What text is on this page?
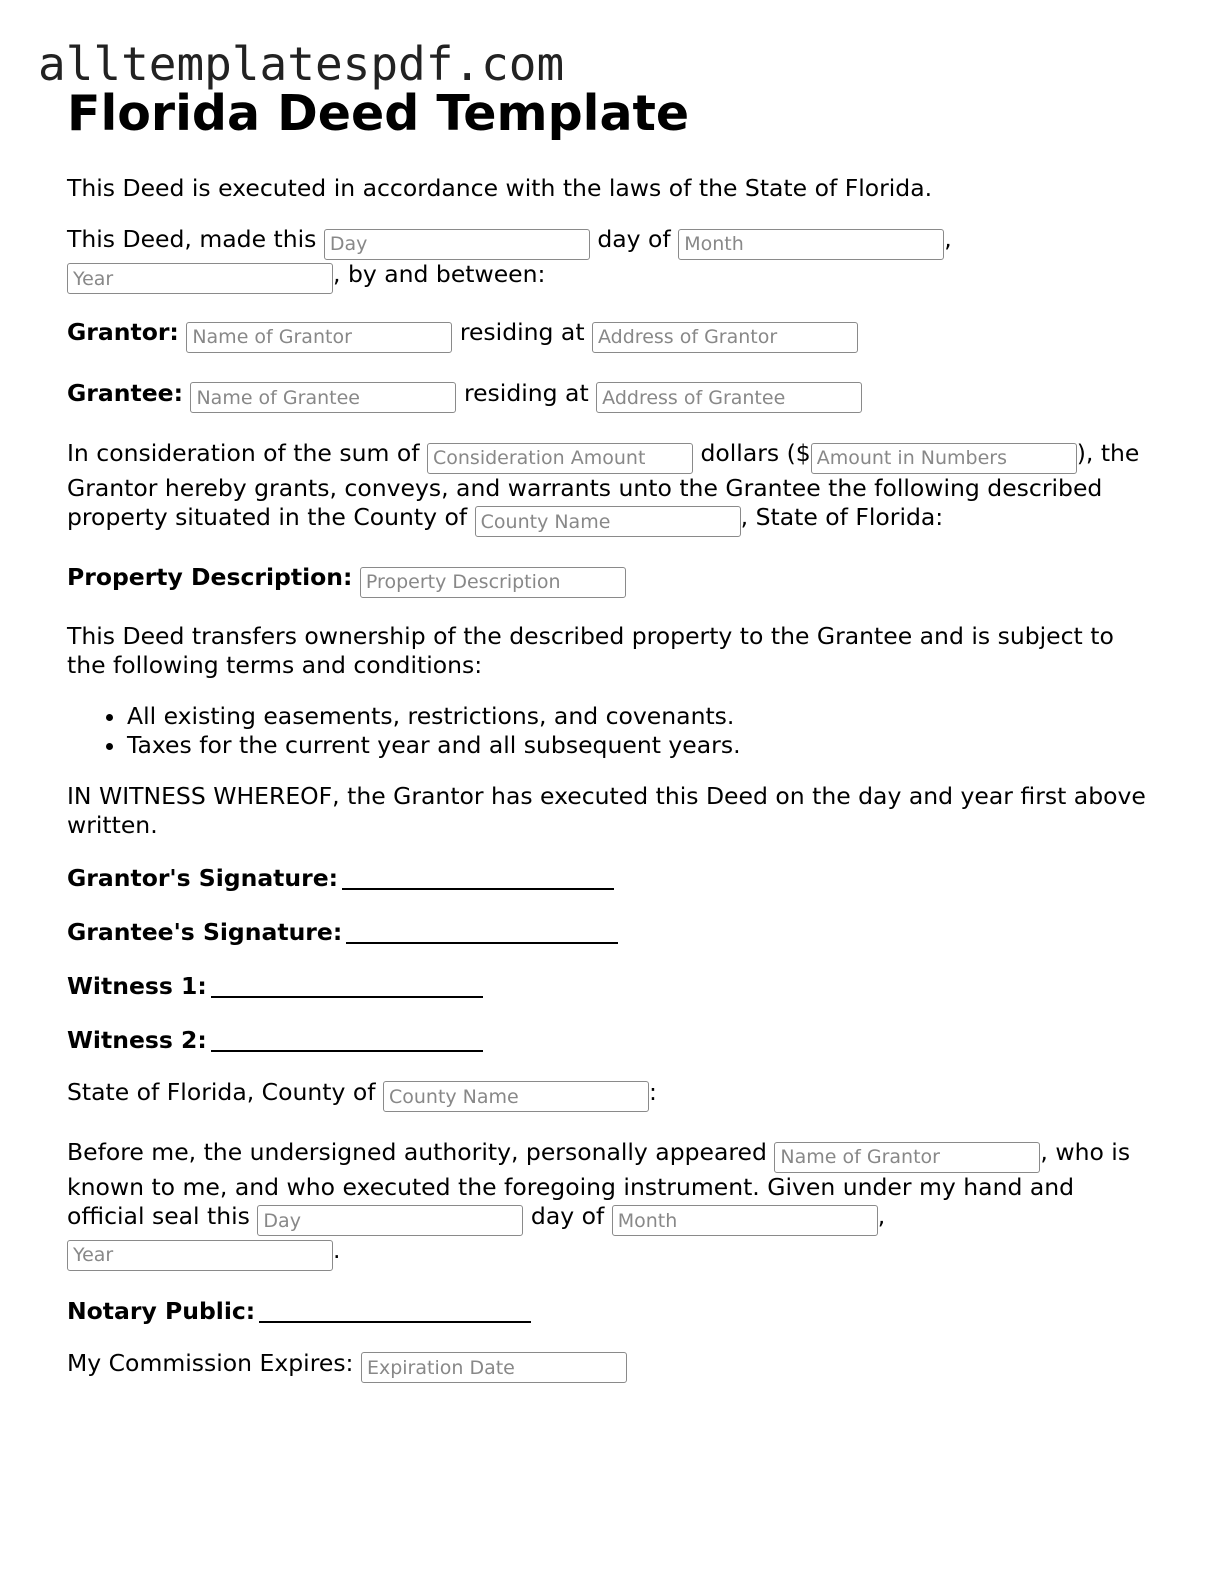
alltemplatespdf.com
Florida Deed Template

This Deed is executed in accordance with the laws of the State of Florida.

This Deed, made this Day	day of Month	, Year, by and between:

Grantor: Name of Grantor	residing at Address of Grantor

Grantee: Name of Grantee	residing at Address of Grantee

In consideration of the sum of Consideration Amount	dollars ($Amount in Numbers	), the Grantor hereby grants, conveys, and warrants unto the Grantee the following described property situated in the County of County Name	, State of Florida:

Property Description: Property Description

This Deed transfers ownership of the described property to the Grantee and is subject to the following terms and conditions:

• All existing easements, restrictions, and covenants.
• Taxes for the current year and all subsequent years.

IN WITNESS WHEREOF, the Grantor has executed this Deed on the day and year first above written.

Grantor's Signature:

Grantee's Signature:

Witness 1:

Witness 2:

State of Florida, County of County Name	:

Before me, the undersigned authority, personally appeared Name of Grantor	, who is known to me, and who executed the foregoing instrument. Given under my hand and official seal this Day	day of Month	, Year.

Notary Public:

My Commission Expires: Expiration Date
